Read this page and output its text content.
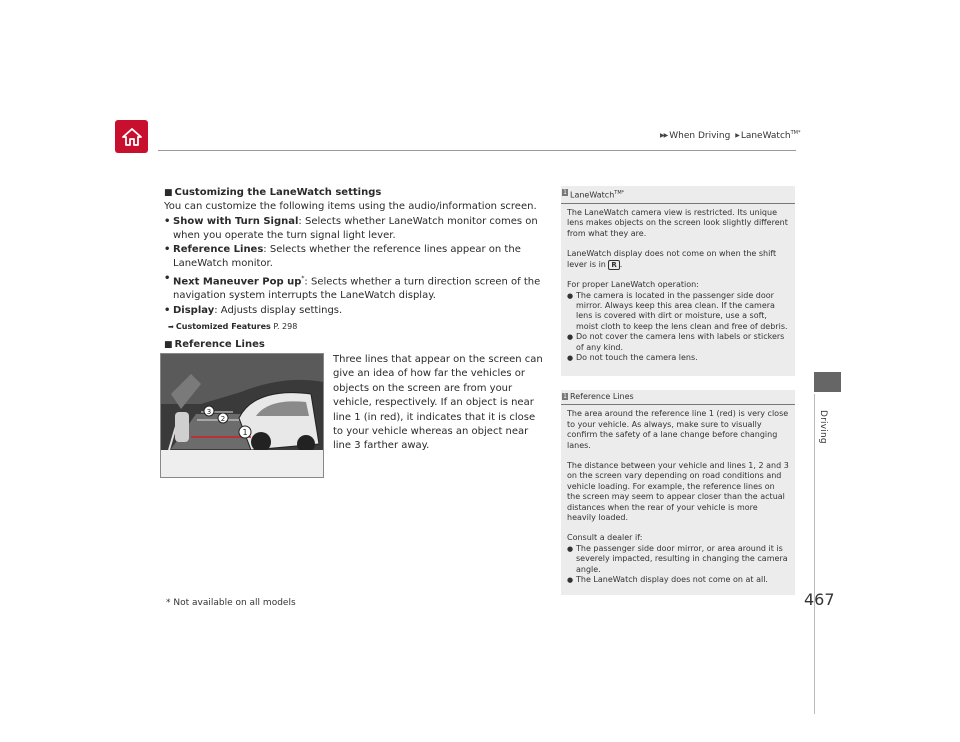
▶▶ When Driving ▶ LaneWatch$^{TM*}$
Driving
■ Customizing the LaneWatch settings

You can customize the following items using the audio/information screen.

• Show with Turn Signal: Selects whether LaneWatch monitor comes on when you operate the turn signal light lever.

• Reference Lines: Selects whether the reference lines appear on the LaneWatch monitor.

• Next Maneuver Pop up*: Selects whether a turn direction screen of the navigation system interrupts the LaneWatch display.

• Display: Adjusts display settings.

➡ Customized Features P. 298
■ Reference Lines
1
2
3
Three lines that appear on the screen can give an idea of how far the vehicles or objects on the screen are from your vehicle, respectively. If an object is near line 1 (in red), it indicates that it is close to your vehicle whereas an object near line 3 farther away.
1 LaneWatch$^{TM*}$

The LaneWatch camera view is restricted. Its unique lens makes objects on the screen look slightly different from what they are.

LaneWatch display does not come on when the shift lever is in R .

For proper LaneWatch operation:

● The camera is located in the passenger side door mirror. Always keep this area clean. If the camera lens is covered with dirt or moisture, use a soft, moist cloth to keep the lens clean and free of debris.

● Do not cover the camera lens with labels or stickers of any kind.

● Do not touch the camera lens.

1 Reference Lines

The area around the reference line 1 (red) is very close to your vehicle. As always, make sure to visually confirm the safety of a lane change before changing lanes.

The distance between your vehicle and lines 1, 2 and 3 on the screen vary depending on road conditions and vehicle loading. For example, the reference lines on the screen may seem to appear closer than the actual distances when the rear of your vehicle is more heavily loaded.

Consult a dealer if:

● The passenger side door mirror, or area around it is severely impacted, resulting in changing the camera angle.

● The LaneWatch display does not come on at all.

* Not available on all models	467
